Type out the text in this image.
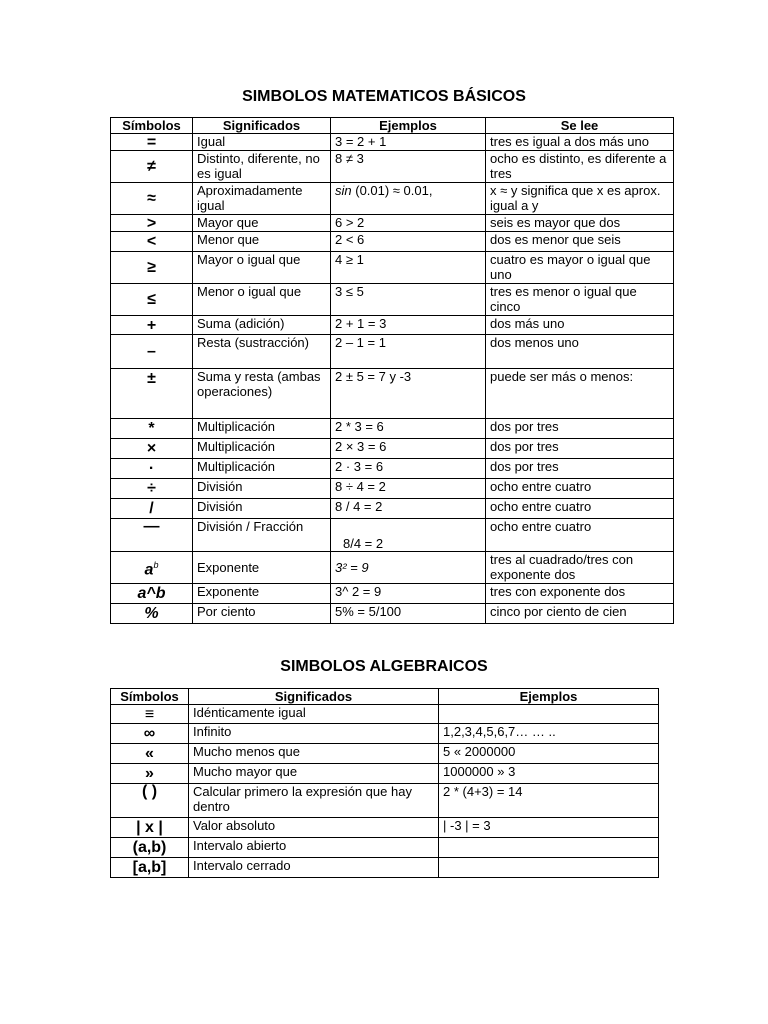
SIMBOLOS MATEMATICOS BÁSICOS
Símbolos	Significados	Ejemplos	Se lee
=	Igual	3 = 2 + 1	tres es igual a dos más uno
≠	Distinto, diferente, no es igual	8 ≠ 3	ocho es distinto, es diferente a tres
≈	Aproximadamente igual	sin (0.01) ≈ 0.01,	x ≈ y significa que x es aprox. igual a y
>	Mayor que	6 > 2	seis es mayor que dos
<	Menor que	2 < 6	dos es menor que seis
≥	Mayor o igual que	4 ≥ 1	cuatro es mayor o igual que uno
≤	Menor o igual que	3 ≤ 5	tres es menor o igual que cinco
+	Suma (adición)	2 + 1 = 3	dos más uno
–	Resta (sustracción)	2 – 1 = 1	dos menos uno
±	Suma y resta (ambas operaciones)	2 ± 5 = 7 y -3	puede ser más o menos:
*	Multiplicación	2 * 3 = 6	dos por tres
×	Multiplicación	2 × 3 = 6	dos por tres
·	Multiplicación	2 · 3 = 6	dos por tres
÷	División	8 ÷ 4 = 2	ocho entre cuatro
/	División	8 / 4 = 2	ocho entre cuatro
—	División / Fracción	8/4 = 2	ocho entre cuatro
$a^b$	Exponente	3² = 9	tres al cuadrado/tres con exponente dos
a^b	Exponente	3^ 2 = 9	tres con exponente dos
%	Por ciento	5% = 5/100	cinco por ciento de cien
SIMBOLOS ALGEBRAICOS
Símbolos	Significados	Ejemplos
≡	Idénticamente igual	
∞	Infinito	1,2,3,4,5,6,7… … ..
«	Mucho menos que	5 « 2000000
»	Mucho mayor que	1000000 » 3
( )	Calcular primero la expresión que hay dentro	2 * (4+3) = 14
| x |	Valor absoluto	| -3 | = 3
(a,b)	Intervalo abierto	
[a,b]	Intervalo cerrado	
